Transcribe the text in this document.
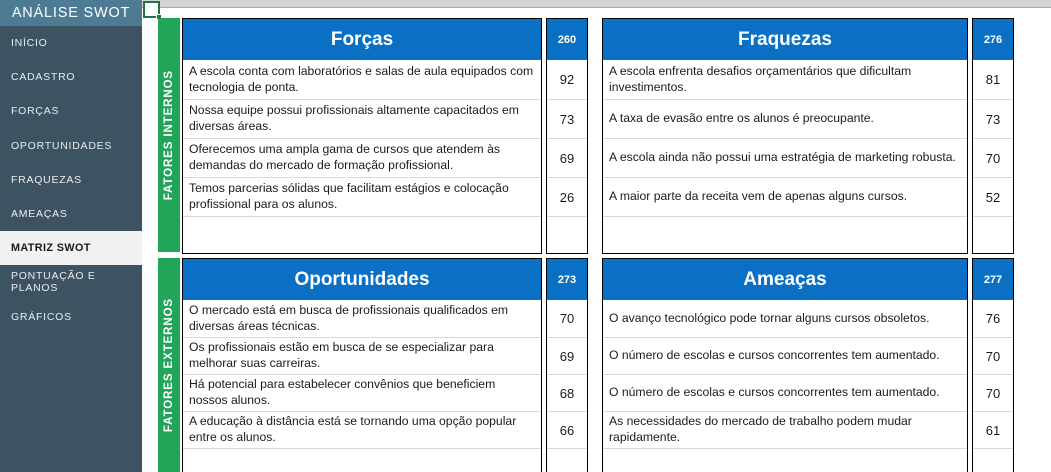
ANÁLISE SWOT
INÍCIO
CADASTRO
FORÇAS
OPORTUNIDADES
FRAQUEZAS
AMEAÇAS
MATRIZ SWOT
PONTUAÇÃO E PLANOS
GRÁFICOS
FATORES INTERNOS
FATORES EXTERNOS
Forças
A escola conta com laboratórios e salas de aula equipados com tecnologia de ponta.
Nossa equipe possui profissionais altamente capacitados em diversas áreas.
Oferecemos uma ampla gama de cursos que atendem às demandas do mercado de formação profissional.
Temos parcerias sólidas que facilitam estágios e colocação profissional para os alunos.
260
92
73
69
26
Fraquezas
A escola enfrenta desafios orçamentários que dificultam investimentos.
A taxa de evasão entre os alunos é preocupante.
A escola ainda não possui uma estratégia de marketing robusta.
A maior parte da receita vem de apenas alguns cursos.
276
81
73
70
52
Oportunidades
O mercado está em busca de profissionais qualificados em diversas áreas técnicas.
Os profissionais estão em busca de se especializar para melhorar suas carreiras.
Há potencial para estabelecer convênios que beneficiem nossos alunos.
A educação à distância está se tornando uma opção popular entre os alunos.
273
70
69
68
66
Ameaças
O avanço tecnológico pode tornar alguns cursos obsoletos.
O número de escolas e cursos concorrentes tem aumentado.
O número de escolas e cursos concorrentes tem aumentado.
As necessidades do mercado de trabalho podem mudar rapidamente.
277
76
70
70
61
